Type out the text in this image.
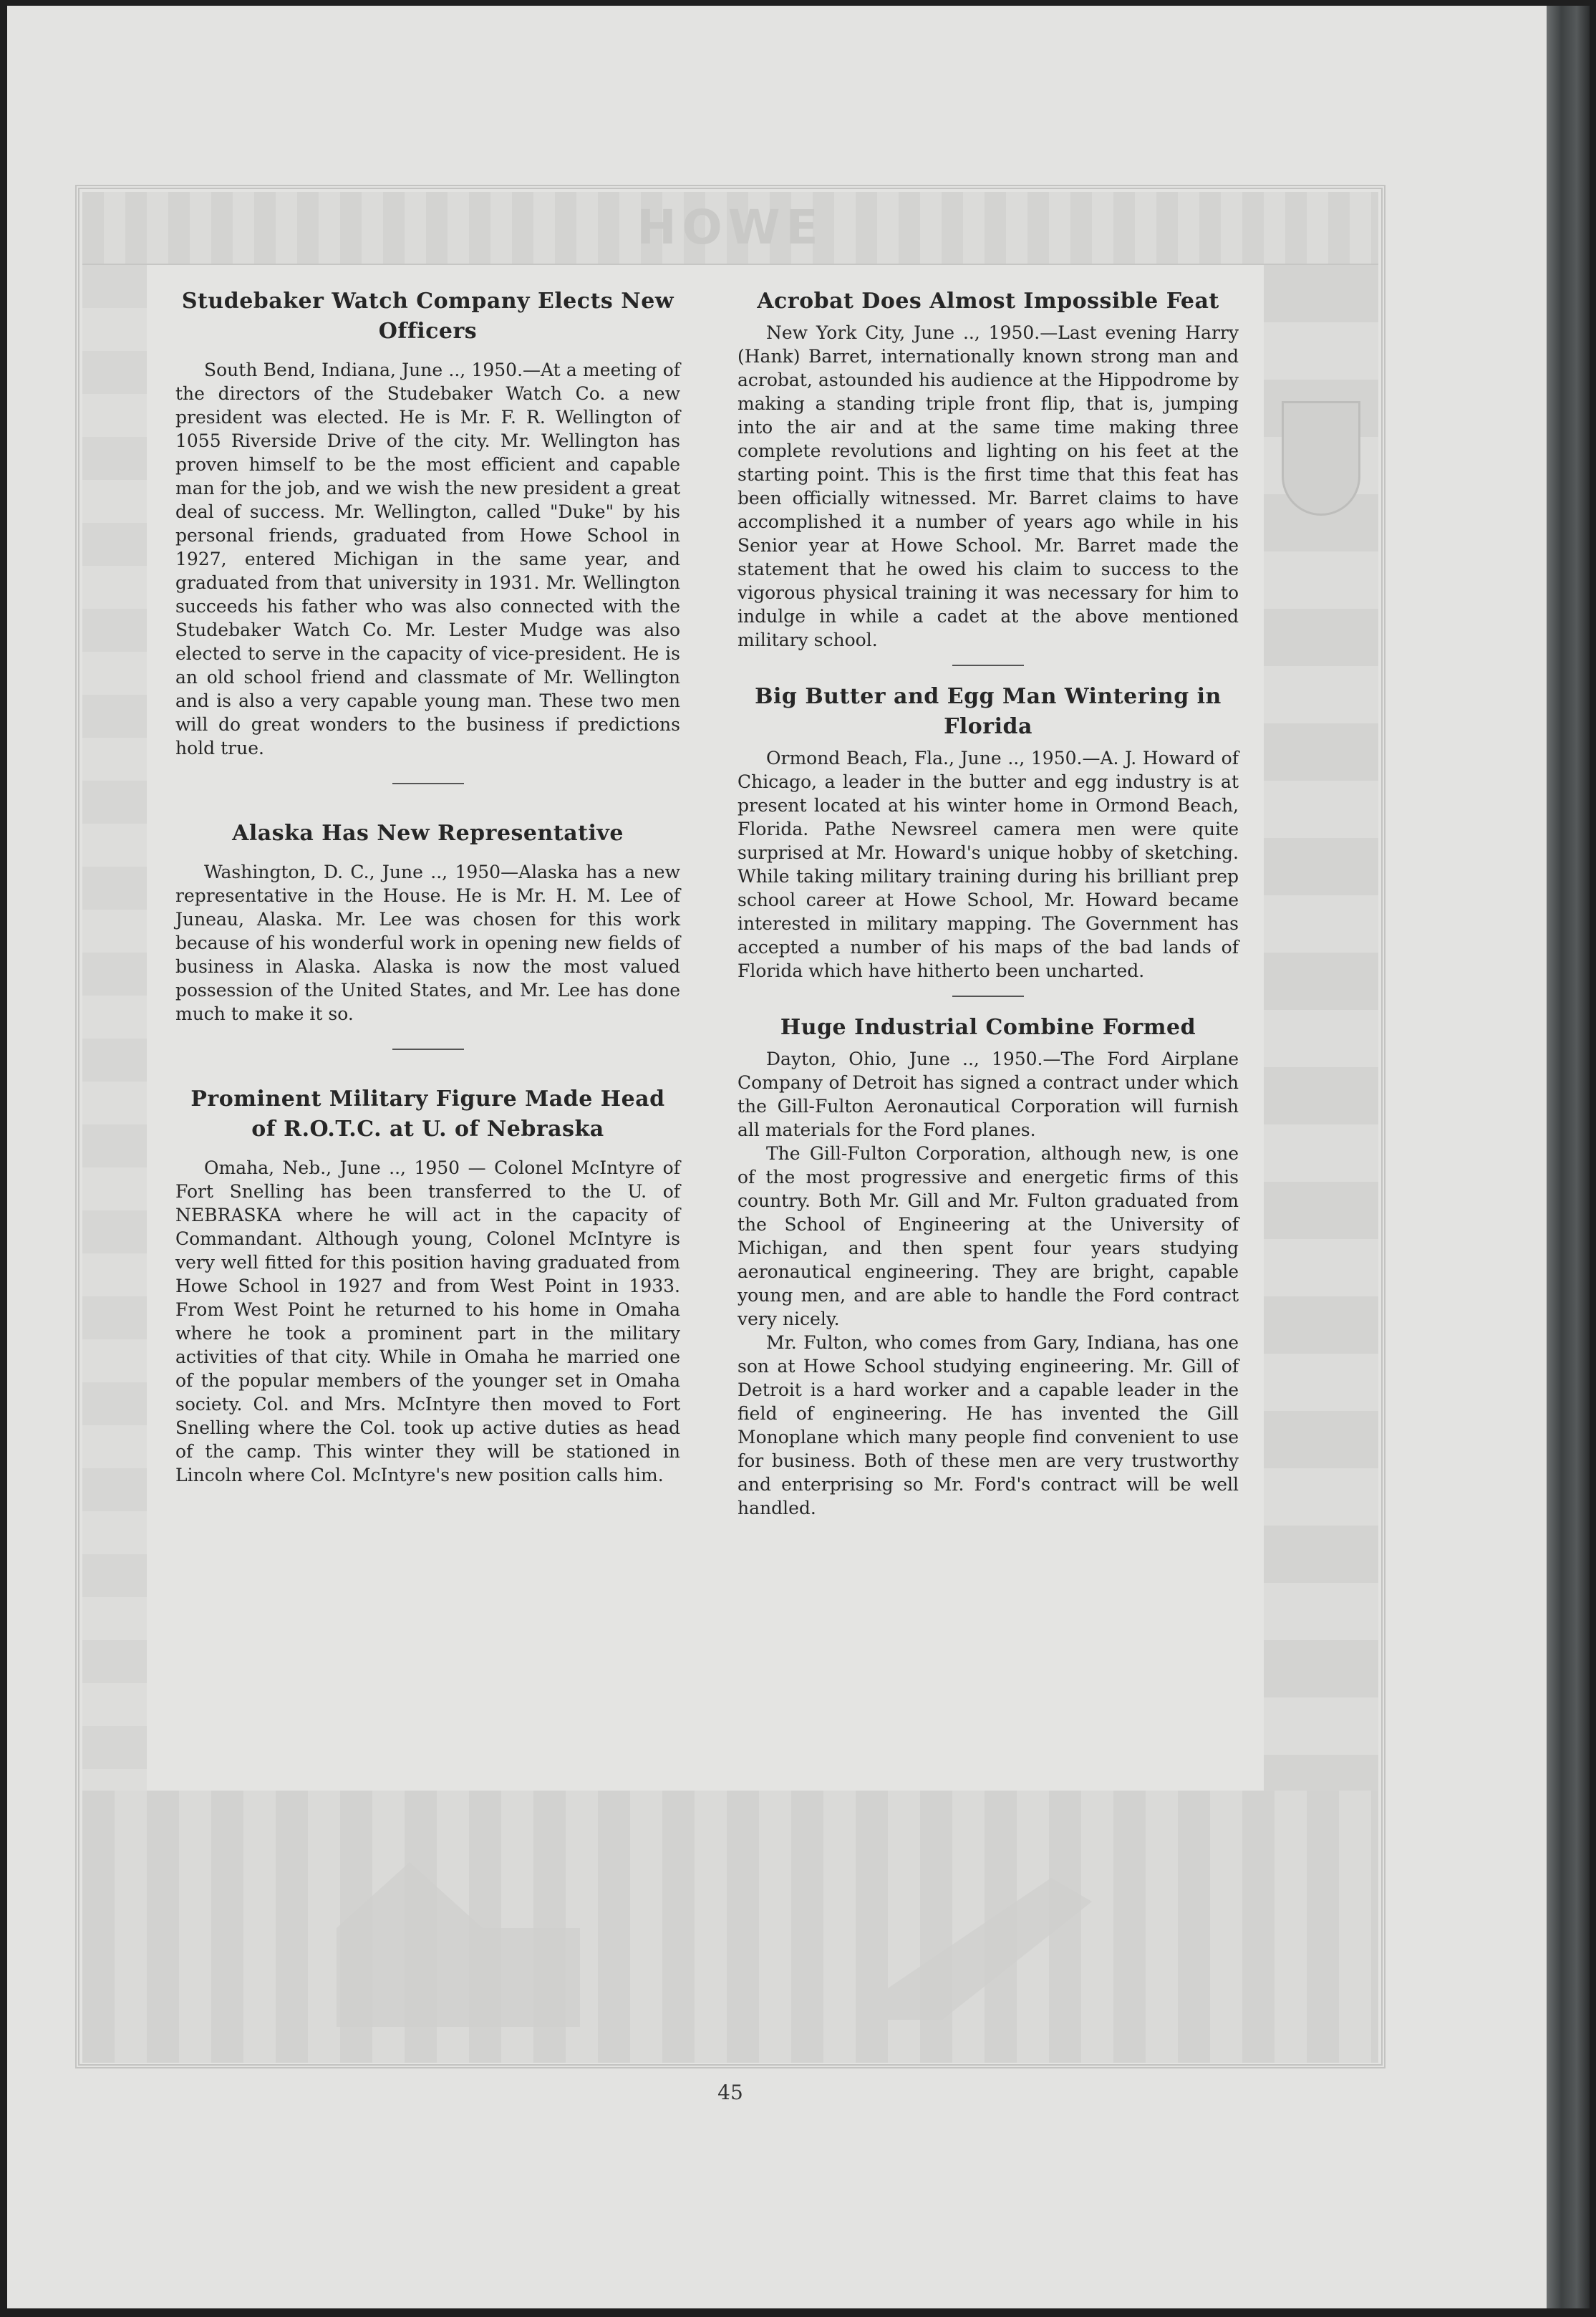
HOWE
Studebaker Watch Company Elects New Officers

South Bend, Indiana, June .., 1950.—At a meeting of the directors of the Studebaker Watch Co. a new president was elected. He is Mr. F. R. Wellington of 1055 Riverside Drive of the city. Mr. Wellington has proven himself to be the most efficient and capable man for the job, and we wish the new president a great deal of success. Mr. Wellington, called "Duke" by his personal friends, graduated from Howe School in 1927, entered Michigan in the same year, and graduated from that university in 1931. Mr. Wellington succeeds his father who was also connected with the Studebaker Watch Co. Mr. Lester Mudge was also elected to serve in the capacity of vice-president. He is an old school friend and classmate of Mr. Wellington and is also a very capable young man. These two men will do great wonders to the business if predictions hold true.

Alaska Has New Representative

Washington, D. C., June .., 1950—Alaska has a new representative in the House. He is Mr. H. M. Lee of Juneau, Alaska. Mr. Lee was chosen for this work because of his wonderful work in opening new fields of business in Alaska. Alaska is now the most valued possession of the United States, and Mr. Lee has done much to make it so.

Prominent Military Figure Made Head of R.O.T.C. at U. of Nebraska

Omaha, Neb., June .., 1950 — Colonel McIntyre of Fort Snelling has been transferred to the U. of NEBRASKA where he will act in the capacity of Commandant. Although young, Colonel McIntyre is very well fitted for this position having graduated from Howe School in 1927 and from West Point in 1933. From West Point he returned to his home in Omaha where he took a prominent part in the military activities of that city. While in Omaha he married one of the popular members of the younger set in Omaha society. Col. and Mrs. McIntyre then moved to Fort Snelling where the Col. took up active duties as head of the camp. This winter they will be stationed in Lincoln where Col. McIntyre's new position calls him.

Acrobat Does Almost Impossible Feat

New York City, June .., 1950.—Last evening Harry (Hank) Barret, internationally known strong man and acrobat, astounded his audience at the Hippodrome by making a standing triple front flip, that is, jumping into the air and at the same time making three complete revolutions and lighting on his feet at the starting point. This is the first time that this feat has been officially witnessed. Mr. Barret claims to have accomplished it a number of years ago while in his Senior year at Howe School. Mr. Barret made the statement that he owed his claim to success to the vigorous physical training it was necessary for him to indulge in while a cadet at the above mentioned military school.

Big Butter and Egg Man Wintering in Florida

Ormond Beach, Fla., June .., 1950.—A. J. Howard of Chicago, a leader in the butter and egg industry is at present located at his winter home in Ormond Beach, Florida. Pathe Newsreel camera men were quite surprised at Mr. Howard's unique hobby of sketching. While taking military training during his brilliant prep school career at Howe School, Mr. Howard became interested in military mapping. The Government has accepted a number of his maps of the bad lands of Florida which have hitherto been uncharted.

Huge Industrial Combine Formed

Dayton, Ohio, June .., 1950.—The Ford Airplane Company of Detroit has signed a contract under which the Gill-Fulton Aeronautical Corporation will furnish all materials for the Ford planes.

The Gill-Fulton Corporation, although new, is one of the most progressive and energetic firms of this country. Both Mr. Gill and Mr. Fulton graduated from the School of Engineering at the University of Michigan, and then spent four years studying aeronautical engineering. They are bright, capable young men, and are able to handle the Ford contract very nicely.

Mr. Fulton, who comes from Gary, Indiana, has one son at Howe School studying engineering. Mr. Gill of Detroit is a hard worker and a capable leader in the field of engineering. He has invented the Gill Monoplane which many people find convenient to use for business. Both of these men are very trustworthy and enterprising so Mr. Ford's contract will be well handled.

45
